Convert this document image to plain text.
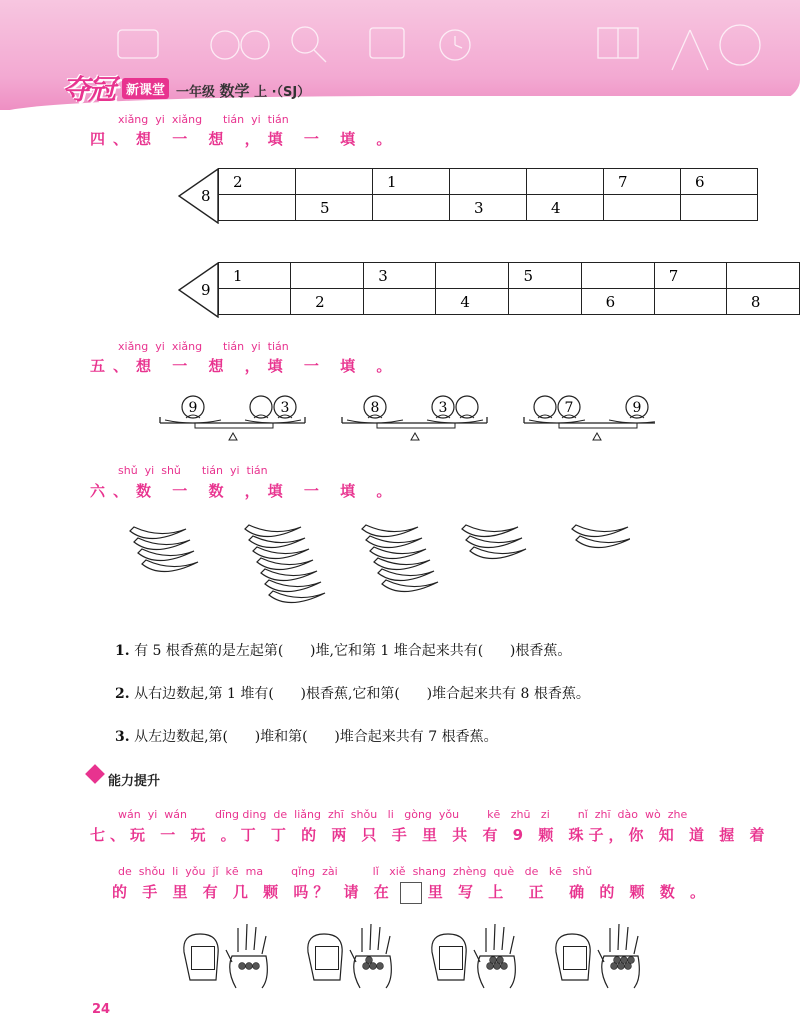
夺冠 新课堂 一年级 数学 上 ·（SJ）
xiǎng  yi  xiǎng      tián  yi  tián
四、想 一 想 ，填 一 填 。
8
2		1			7	6
	5		3	4		
9
1		3		5		7	
	2		4		6		8
xiǎng  yi  xiǎng      tián  yi  tián
五、想 一 想 ，填 一 填 。
9	3	8	3	7	9
shǔ  yi  shǔ      tián  yi  tián
六、数 一 数 ，填 一 填 。
1. 有 5 根香蕉的是左起第(      )堆,它和第 1 堆合起来共有(      )根香蕉。
2. 从右边数起,第 1 堆有(      )根香蕉,它和第(      )堆合起来共有 8 根香蕉。
3. 从左边数起,第(      )堆和第(      )堆合起来共有 7 根香蕉。
能力提升
wán  yi  wán        dīng ding  de  liǎng  zhī  shǒu   li   gòng  yǒu        kē   zhū   zi        nǐ  zhī  dào  wò  zhe
七、玩 一 玩 。丁 丁 的 两 只 手 里 共 有 9 颗 珠子，你 知 道 握 着
de  shǒu  li  yǒu  jǐ  kē  ma        qǐng  zài          lǐ   xiě  shang  zhèng  què   de   kē   shǔ
的 手 里 有 几 颗 吗？ 请 在 里 写 上  正  确 的 颗 数 。
24
